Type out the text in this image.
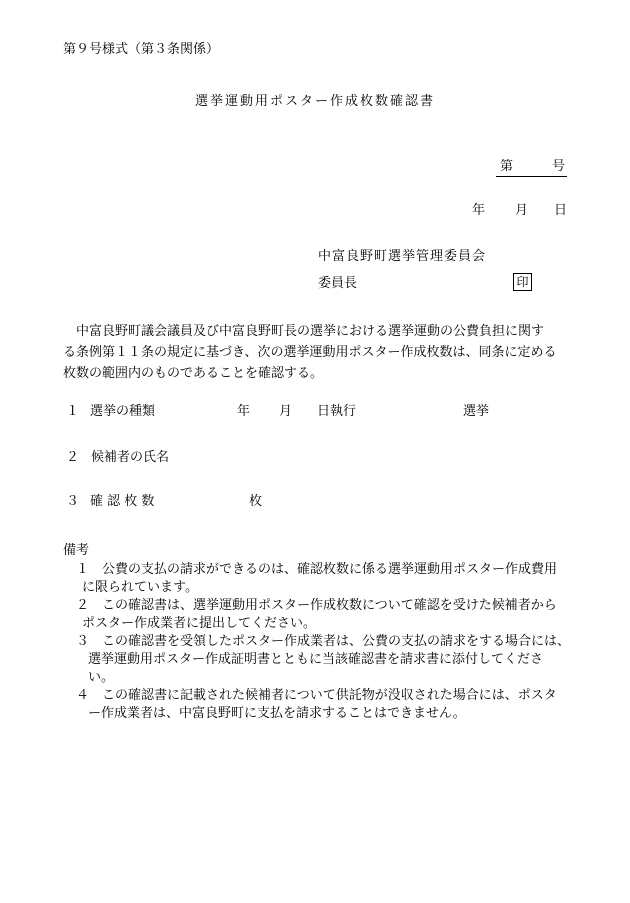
第９号様式（第３条関係）
選挙運動用ポスター作成枚数確認書
第	号

年 月 日

中富良野町選挙管理委員会
委員長	印
　中富良野町議会議員及び中富良野町長の選挙における選挙運動の公費負担に関す
る条例第１１条の規定に基づき、次の選挙運動用ポスター作成枚数は、同条に定める
枚数の範囲内のものであることを確認する。
１ 選挙の種類	年 月 日執行	選挙

２ 候補者の氏名
３ 確 認 枚 数	枚

備考
１　公費の支払の請求ができるのは、確認枚数に係る選挙運動用ポスター作成費用
に限られています。
２　この確認書は、選挙運動用ポスター作成枚数について確認を受けた候補者から
ポスター作成業者に提出してください。
３　この確認書を受領したポスター作成業者は、公費の支払の請求をする場合には、
選挙運動用ポスター作成証明書とともに当該確認書を請求書に添付してくださ
い。
４　この確認書に記載された候補者について供託物が没収された場合には、ポスタ
ー作成業者は、中富良野町に支払を請求することはできません。
